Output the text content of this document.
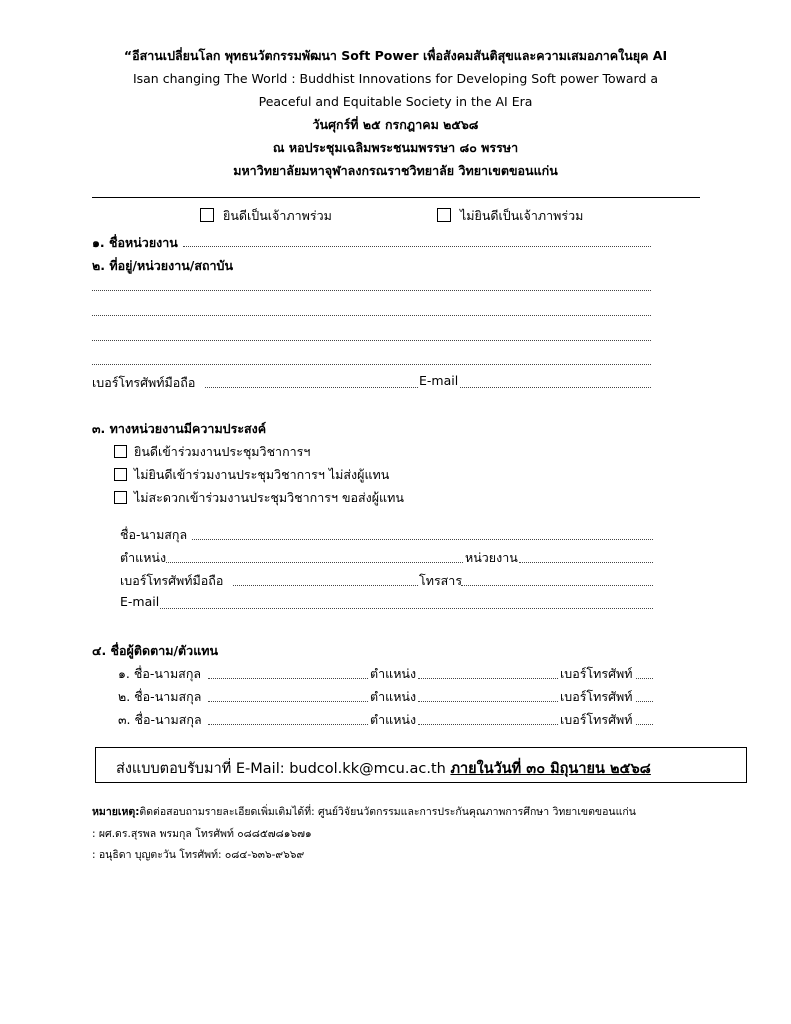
“อีสานเปลี่ยนโลก พุทธนวัตกรรมพัฒนา Soft Power เพื่อสังคมสันติสุขและความเสมอภาคในยุค AI
Isan changing The World : Buddhist Innovations for Developing Soft power Toward a
Peaceful and Equitable Society in the AI Era
วันศุกร์ที่ ๒๕ กรกฎาคม ๒๕๖๘
ณ หอประชุมเฉลิมพระชนมพรรษา ๘๐ พรรษา
มหาวิทยาลัยมหาจุฬาลงกรณราชวิทยาลัย วิทยาเขตขอนแก่น
ยินดีเป็นเจ้าภาพร่วม	ไม่ยินดีเป็นเจ้าภาพร่วม
๑. ชื่อหน่วยงาน
๒. ที่อยู่/หน่วยงาน/สถาบัน
เบอร์โทรศัพท์มือถือ	E-mail
๓. ทางหน่วยงานมีความประสงค์
ยินดีเข้าร่วมงานประชุมวิชาการฯ
ไม่ยินดีเข้าร่วมงานประชุมวิชาการฯ ไม่ส่งผู้แทน
ไม่สะดวกเข้าร่วมงานประชุมวิชาการฯ ขอส่งผู้แทน
ชื่อ-นามสกุล
ตำแหน่ง	หน่วยงาน
เบอร์โทรศัพท์มือถือ	โทรสาร
E-mail
๔. ชื่อผู้ติดตาม/ตัวแทน
๑. ชื่อ-นามสกุล	ตำแหน่ง	เบอร์โทรศัพท์
๒. ชื่อ-นามสกุล	ตำแหน่ง	เบอร์โทรศัพท์
๓. ชื่อ-นามสกุล	ตำแหน่ง	เบอร์โทรศัพท์
ส่งแบบตอบรับมาที่ E-Mail: budcol.kk@mcu.ac.th ภายในวันที่ ๓๐ มิถุนายน ๒๕๖๘
หมายเหตุ:ติดต่อสอบถามรายละเอียดเพิ่มเติมได้ที่: ศูนย์วิจัยนวัตกรรมและการประกันคุณภาพการศึกษา วิทยาเขตขอนแก่น
: ผศ.ดร.สุรพล พรมกุล โทรศัพท์ ๐๘๘๕๗๘๑๖๗๑
: อนุธิดา บุญตะวัน โทรศัพท์: ๐๘๔-๖๓๖-๙๖๖๙
